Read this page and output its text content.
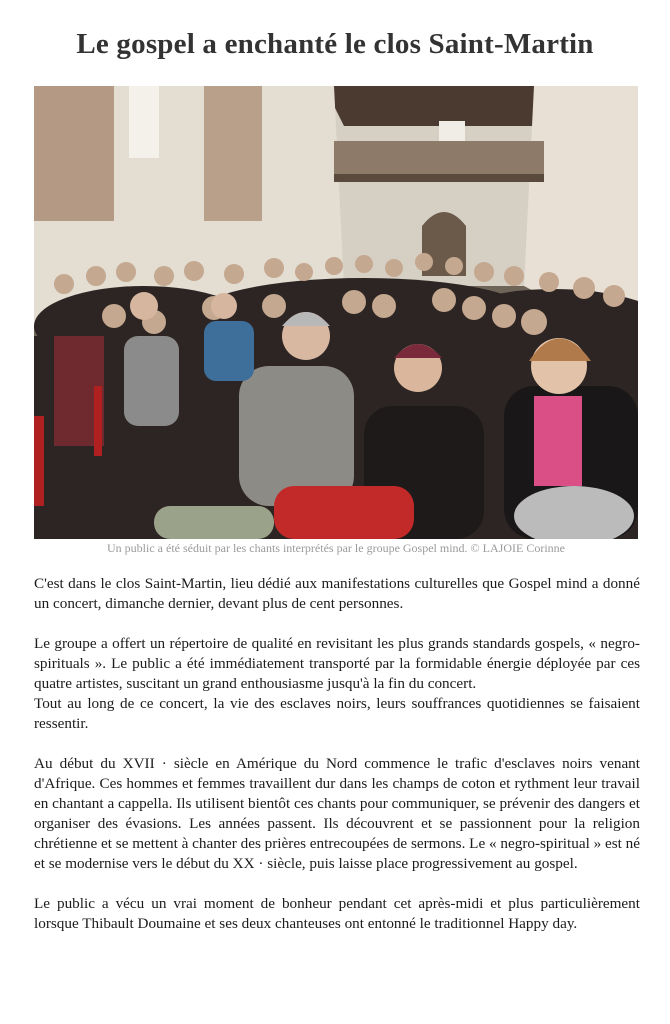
Le gospel a enchanté le clos Saint-Martin
Un public a été séduit par les chants interprétés par le groupe Gospel mind. © LAJOIE Corinne

C'est dans le clos Saint-Martin, lieu dédié aux manifestations culturelles que Gospel mind a donné un concert, dimanche dernier, devant plus de cent personnes.

Le groupe a offert un répertoire de qualité en revisitant les plus grands standards gospels, « negro-spirituals ». Le public a été immédiatement transporté par la formidable énergie déployée par ces quatre artistes, suscitant un grand enthousiasme jusqu'à la fin du concert.

Tout au long de ce concert, la vie des esclaves noirs, leurs souffrances quotidiennes se faisaient ressentir.

Au début du XVII · siècle en Amérique du Nord commence le trafic d'esclaves noirs venant d'Afrique. Ces hommes et femmes travaillent dur dans les champs de coton et rythment leur travail en chantant a cappella. Ils utilisent bientôt ces chants pour communiquer, se prévenir des dangers et organiser des évasions. Les années passent. Ils découvrent et se passionnent pour la religion chrétienne et se mettent à chanter des prières entrecoupées de sermons. Le « negro-spiritual » est né et se modernise vers le début du XX · siècle, puis laisse place progressivement au gospel.

Le public a vécu un vrai moment de bonheur pendant cet après-midi et plus particulièrement lorsque Thibault Doumaine et ses deux chanteuses ont entonné le traditionnel Happy day.
